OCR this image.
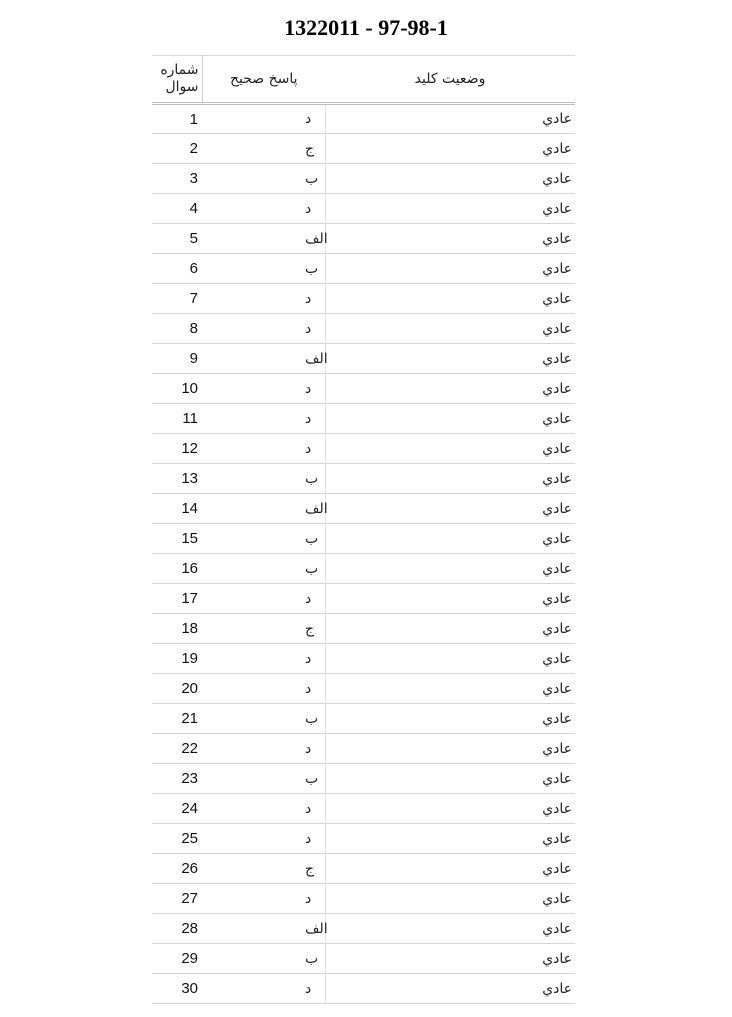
1322011 - 97-98-1
شماره سوال	پاسخ صحيح	وضعيت كليد
1	د	عادي
2	ج	عادي
3	ب	عادي
4	د	عادي
5	الف	عادي
6	ب	عادي
7	د	عادي
8	د	عادي
9	الف	عادي
10	د	عادي
11	د	عادي
12	د	عادي
13	ب	عادي
14	الف	عادي
15	ب	عادي
16	ب	عادي
17	د	عادي
18	ج	عادي
19	د	عادي
20	د	عادي
21	ب	عادي
22	د	عادي
23	ب	عادي
24	د	عادي
25	د	عادي
26	ج	عادي
27	د	عادي
28	الف	عادي
29	ب	عادي
30	د	عادي
